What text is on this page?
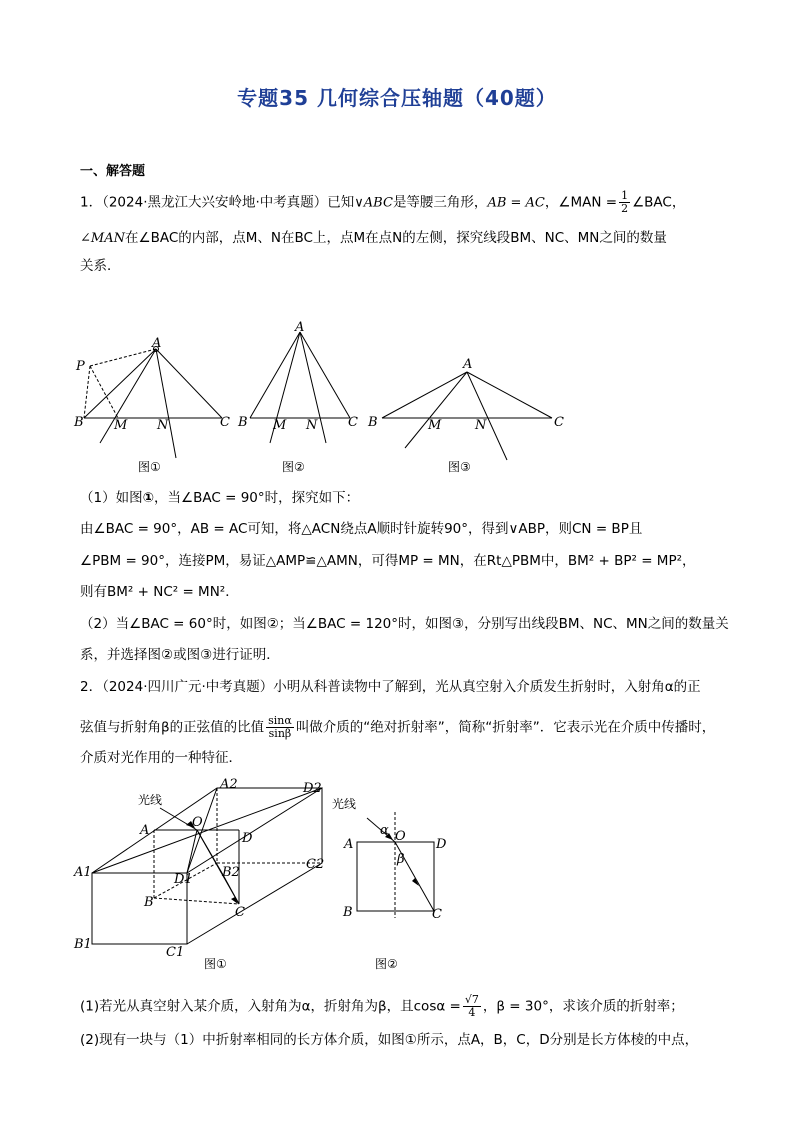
专题35 几何综合压轴题（40题）
一、解答题
1．（2024·黑龙江大兴安岭地·中考真题）已知∨ABC是等腰三角形，AB = AC，∠MAN = $\frac{1}{2}$ ∠BAC，
∠MAN在∠BAC的内部，点M、N在BC上，点M在点N的左侧，探究线段BM、NC、MN之间的数量
关系．
A
P
B M N	C
A
B M N C
A
B	M	N	C
图①	图②	图③
（1）如图①，当∠BAC = 90°时，探究如下：
由∠BAC = 90°，AB = AC可知，将△ACN绕点A顺时针旋转90°，得到∨ABP，则CN = BP且
∠PBM = 90°，连接PM，易证△AMP≌△AMN，可得MP = MN，在Rt△PBM中，BM² + BP² = MP²，
则有BM² + NC² = MN²．
（2）当∠BAC = 60°时，如图②；当∠BAC = 120°时，如图③，分别写出线段BM、NC、MN之间的数量关
系，并选择图②或图③进行证明．
2．（2024·四川广元·中考真题）小明从科普读物中了解到，光从真空射入介质发生折射时，入射角α的正
弦值与折射角β的正弦值的比值 $\frac{\sin\alpha}{\sin\beta}$ 叫做介质的“绝对折射率”，简称“折射率”．它表示光在介质中传播时，
介质对光作用的一种特征．
光线
A2	D2
A
O
D
C2
A1	D1 B2
B
C
B1
C1
光线
A
O
D
B	C
α
β
图①	图②
(1)若光从真空射入某介质，入射角为α，折射角为β，且$\cos\alpha = \frac{√7}{4}$ ，β = 30°，求该介质的折射率；
(2)现有一块与（1）中折射率相同的长方体介质，如图①所示，点A，B，C，D分别是长方体棱的中点，
